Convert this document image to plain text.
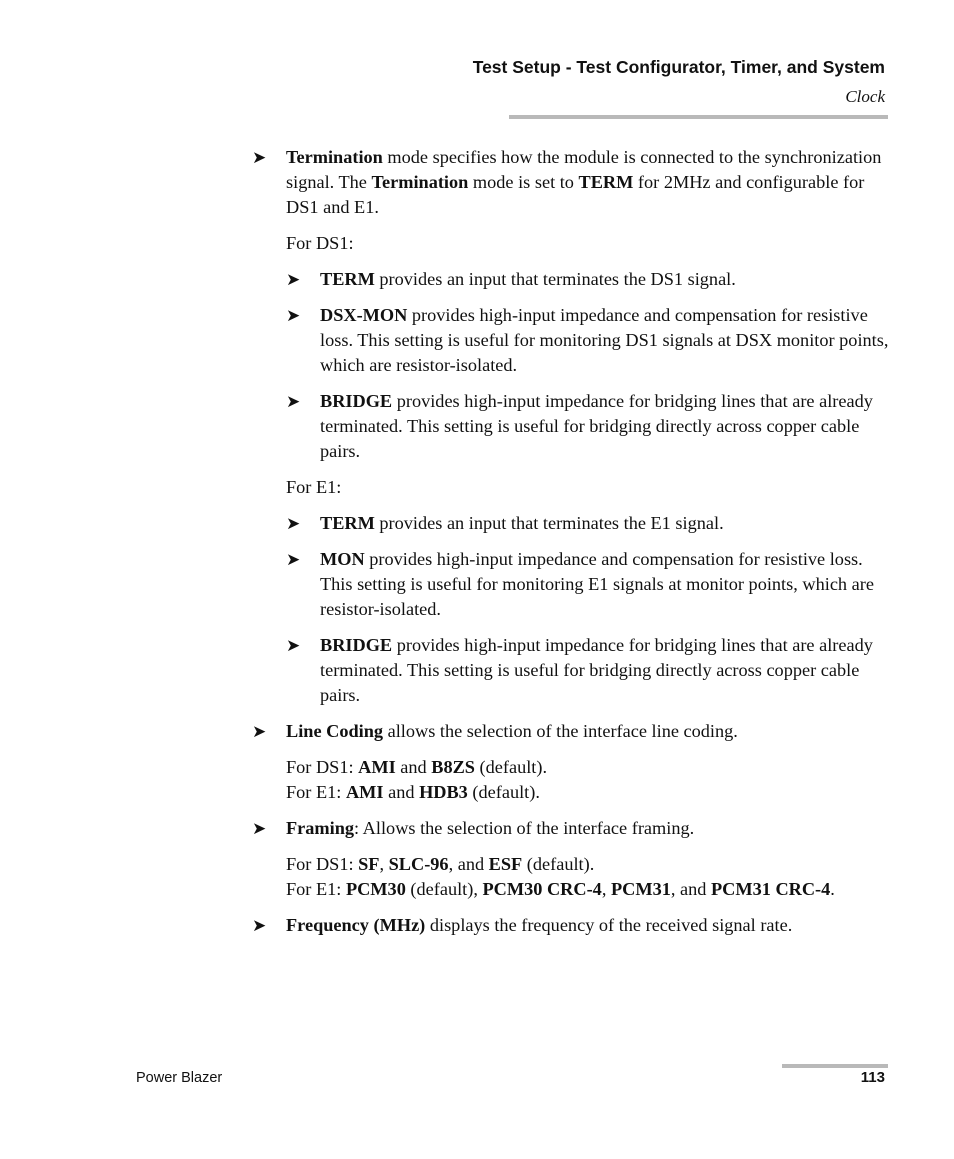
Test Setup - Test Configurator, Timer, and System
Clock

➤ Termination mode specifies how the module is connected to the synchronization signal. The Termination mode is set to TERM for 2MHz and configurable for DS1 and E1.

For DS1:

➤ TERM provides an input that terminates the DS1 signal.

➤ DSX-MON provides high-input impedance and compensation for resistive loss. This setting is useful for monitoring DS1 signals at DSX monitor points, which are resistor-isolated.

➤ BRIDGE provides high-input impedance for bridging lines that are already terminated. This setting is useful for bridging directly across copper cable pairs.

For E1:

➤ TERM provides an input that terminates the E1 signal.

➤ MON provides high-input impedance and compensation for resistive loss. This setting is useful for monitoring E1 signals at monitor points, which are resistor-isolated.

➤ BRIDGE provides high-input impedance for bridging lines that are already terminated. This setting is useful for bridging directly across copper cable pairs.

➤ Line Coding allows the selection of the interface line coding.

For DS1: AMI and B8ZS (default).
For E1: AMI and HDB3 (default).

➤ Framing: Allows the selection of the interface framing.

For DS1: SF, SLC-96, and ESF (default).
For E1: PCM30 (default), PCM30 CRC-4, PCM31, and PCM31 CRC-4.

➤ Frequency (MHz) displays the frequency of the received signal rate.

Power Blazer	113
